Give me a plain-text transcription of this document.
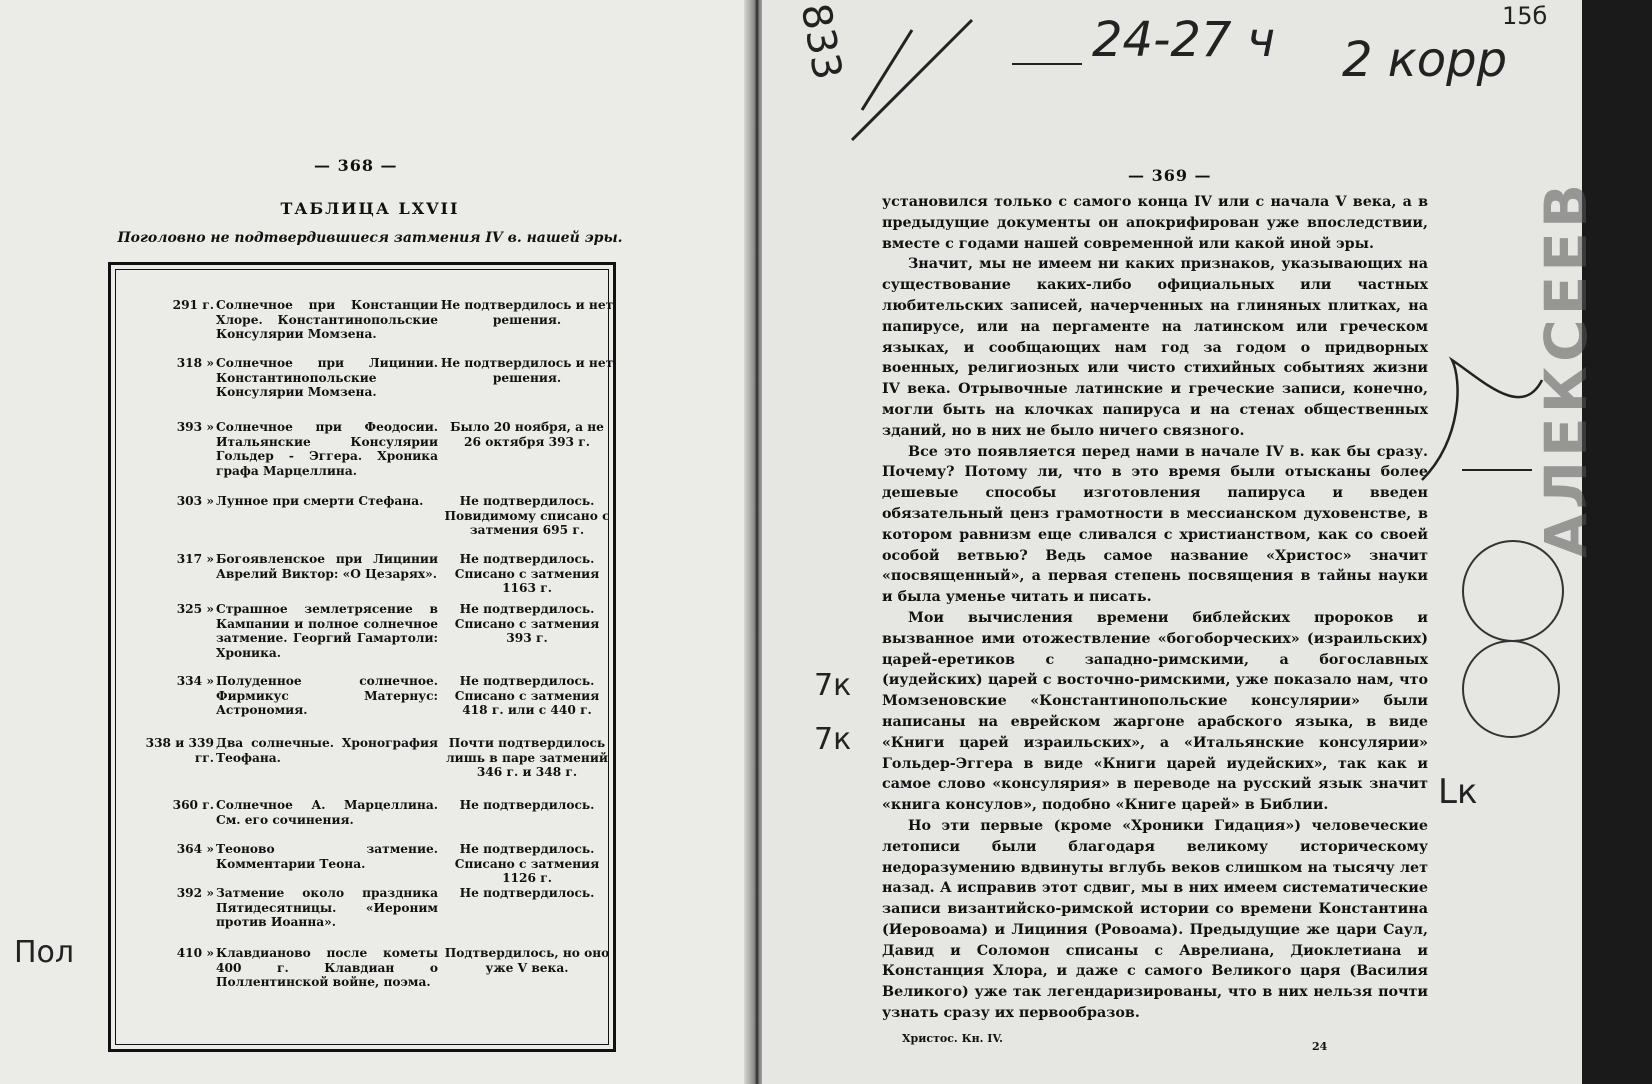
— 368 —
ТАБЛИЦА LXVII
Поголовно не подтвердившиеся затмения IV в. нашей эры.
291 г. Солнечное при Констанции Хлоре. Константинопольские Консулярии Момзена.
Не подтвердилось и нет решения.
318 » Солнечное при Лицинии. Константинопольские Консулярии Момзена.
Не подтвердилось и нет решения.
393 » Солнечное при Феодосии. Итальянские Консулярии Гольдер - Эггера. Хроника графа Марцеллина.
Было 20 ноября, а не 26 октября 393 г.
303 » Лунное при смерти Стефана.	Не подтвердилось. Повидимому списано с затмения 695 г.
317 » Богоявленское при Лицинии Аврелий Виктор: «О Цезарях».
Не подтвердилось. Списано с затмения 1163 г.
325 » Страшное землетрясение в Кампании и полное солнечное затмение. Георгий Гамартоли: Хроника.
Не подтвердилось. Списано с затмения 393 г.
334 » Полуденное солнечное. Фирмикус Матернус: Астрономия.
Не подтвердилось. Списано с затмения 418 г. или с 440 г.
338 и 339 гг.
Два солнечные. Хронография Теофана.
Почти подтвердилось лишь в паре затмений 346 г. и 348 г.
360 г. Солнечное А. Марцеллина. См. его сочинения.
Не подтвердилось.
364 » Теоново затмение. Комментарии Теона.
Не подтвердилось. Списано с затмения 1126 г.
392 » Затмение около праздника Пятидесятницы. «Иероним против Иоанна».
Не подтвердилось.
410 » Клавдианово после кометы 400 г. Клавдиан о Поллентинской войне, поэма.
Подтвердилось, но оно уже V века.
Пол
— 369 —

установился только с самого конца IV или с начала V века, а в предыдущие документы он апокрифирован уже впоследствии, вместе с годами нашей современной или какой иной эры.

Значит, мы не имеем ни каких признаков, указывающих на существование каких-либо официальных или частных любительских записей, начерченных на глиняных плитках, на папирусе, или на пергаменте на латинском или греческом языках, и сообщающих нам год за годом о придворных военных, религиозных или чисто стихийных событиях жизни IV века. Отрывочные латинские и греческие записи, конечно, могли быть на клочках папируса и на стенах общественных зданий, но в них не было ничего связного.

Все это появляется перед нами в начале IV в. как бы сразу. Почему? Потому ли, что в это время были отысканы более дешевые способы изготовления папируса и введен обязательный ценз грамотности в мессианском духовенстве, в котором равнизм еще сливался с христианством, как со своей особой ветвью? Ведь самое название «Христос» значит «посвященный», а первая степень посвящения в тайны науки и была уменье читать и писать.

Мои вычисления времени библейских пророков и вызванное ими отожествление «богоборческих» (израильских) царей-еретиков с западно-римскими, а богославных (иудейских) царей с восточно-римскими, уже показало нам, что Момзеновские «Константинопольские консулярии» были написаны на еврейском жаргоне арабского языка, в виде «Книги царей израильских», а «Итальянские консулярии» Гольдер-Эггера в виде «Книги царей иудейских», так как и самое слово «консулярия» в переводе на русский язык значит «книга консулов», подобно «Книге царей» в Библии.

Но эти первые (кроме «Хроники Гидация») человеческие летописи были благодаря великому историческому недоразумению вдвинуты вглубь веков слишком на тысячу лет назад. А исправив этот сдвиг, мы в них имеем систематические записи византийско-римской истории со времени Константина (Иеровоама) и Лициния (Ровоама). Предыдущие же цари Саул, Давид и Соломон списаны с Аврелиана, Диоклетиана и Констанция Хлора, и даже с самого Великого царя (Василия Великого) уже так легендаризированы, что в них нельзя почти узнать сразу их первообразов.

Христос. Кн. IV.
24
833	24-27 ч 2 корр
15б
7к
7к
Lк
АЛЕКСЕЕВ
